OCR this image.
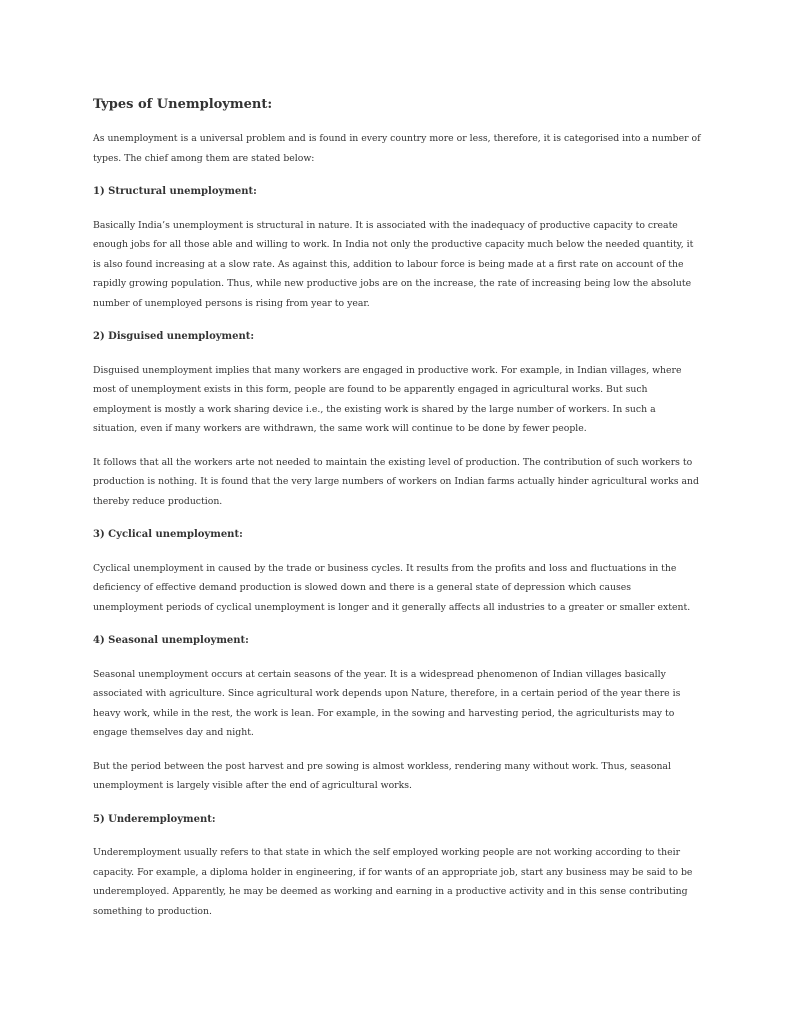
Types of Unemployment:

As unemployment is a universal problem and is found in every country more or less, therefore, it is categorised into a number of types. The chief among them are stated below:

1) Structural unemployment:

Basically India’s unemployment is structural in nature. It is associated with the inadequacy of productive capacity to create enough jobs for all those able and willing to work. In India not only the productive capacity much below the needed quantity, it is also found increasing at a slow rate. As against this, addition to labour force is being made at a first rate on account of the rapidly growing population. Thus, while new productive jobs are on the increase, the rate of increasing being low the absolute number of unemployed persons is rising from year to year.

2) Disguised unemployment:

Disguised unemployment implies that many workers are engaged in productive work. For example, in Indian villages, where most of unemployment exists in this form, people are found to be apparently engaged in agricultural works. But such employment is mostly a work sharing device i.e., the existing work is shared by the large number of workers. In such a situation, even if many workers are withdrawn, the same work will continue to be done by fewer people.

It follows that all the workers arte not needed to maintain the existing level of production. The contribution of such workers to production is nothing. It is found that the very large numbers of workers on Indian farms actually hinder agricultural works and thereby reduce production.

3) Cyclical unemployment:

Cyclical unemployment in caused by the trade or business cycles. It results from the profits and loss and fluctuations in the deficiency of effective demand production is slowed down and there is a general state of depression which causes unemployment periods of cyclical unemployment is longer and it generally affects all industries to a greater or smaller extent.

4) Seasonal unemployment:

Seasonal unemployment occurs at certain seasons of the year. It is a widespread phenomenon of Indian villages basically associated with agriculture. Since agricultural work depends upon Nature, therefore, in a certain period of the year there is heavy work, while in the rest, the work is lean. For example, in the sowing and harvesting period, the agriculturists may to engage themselves day and night.

But the period between the post harvest and pre sowing is almost workless, rendering many without work. Thus, seasonal unemployment is largely visible after the end of agricultural works.

5) Underemployment:

Underemployment usually refers to that state in which the self employed working people are not working according to their capacity. For example, a diploma holder in engineering, if for wants of an appropriate job, start any business may be said to be underemployed. Apparently, he may be deemed as working and earning in a productive activity and in this sense contributing something to production.
